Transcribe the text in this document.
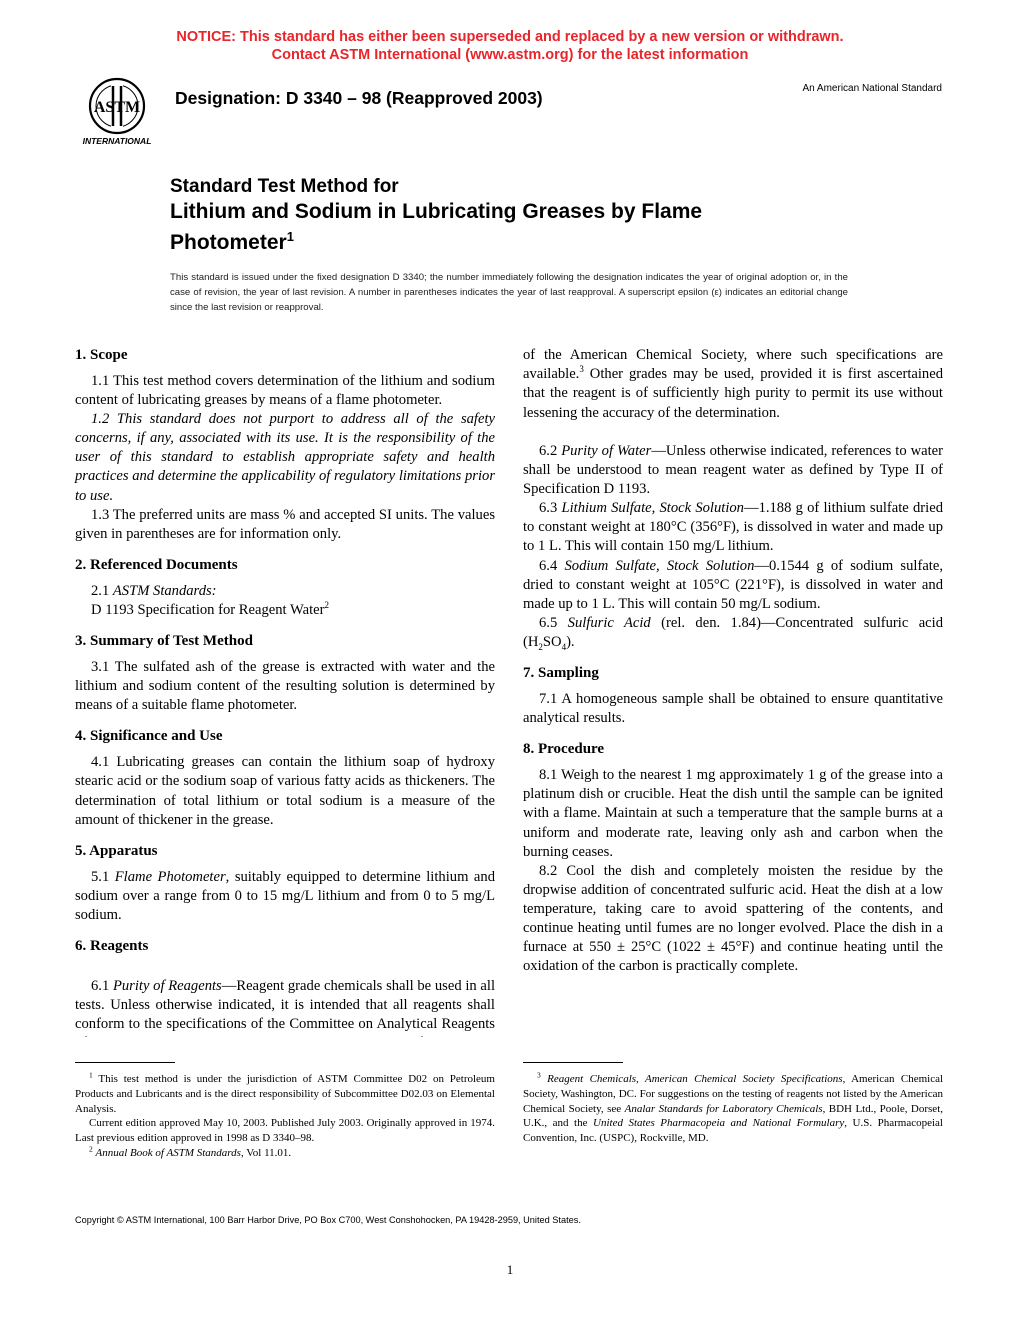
NOTICE: This standard has either been superseded and replaced by a new version or withdrawn.
Contact ASTM International (www.astm.org) for the latest information
ASTM
INTERNATIONAL
Designation: D 3340 – 98 (Reapproved 2003)	An American National Standard
Standard Test Method for
Lithium and Sodium in Lubricating Greases by Flame Photometer$^1$
This standard is issued under the fixed designation D 3340; the number immediately following the designation indicates the year of original adoption or, in the case of revision, the year of last revision. A number in parentheses indicates the year of last reapproval. A superscript epsilon (ε) indicates an editorial change since the last revision or reapproval.
1. Scope

1.1 This test method covers determination of the lithium and sodium content of lubricating greases by means of a flame photometer.

1.2 This standard does not purport to address all of the safety concerns, if any, associated with its use. It is the responsibility of the user of this standard to establish appropriate safety and health practices and determine the applicability of regulatory limitations prior to use.

1.3 The preferred units are mass % and accepted SI units. The values given in parentheses are for information only.

2. Referenced Documents

2.1 ASTM Standards:

D 1193 Specification for Reagent Water$^2$

3. Summary of Test Method

3.1 The sulfated ash of the grease is extracted with water and the lithium and sodium content of the resulting solution is determined by means of a suitable flame photometer.

4. Significance and Use

4.1 Lubricating greases can contain the lithium soap of hydroxy stearic acid or the sodium soap of various fatty acids as thickeners. The determination of total lithium or total sodium is a measure of the amount of thickener in the grease.

5. Apparatus

5.1 Flame Photometer, suitably equipped to determine lithium and sodium over a range from 0 to 15 mg/L lithium and from 0 to 5 mg/L sodium.

6. Reagents

6.1 Purity of Reagents—Reagent grade chemicals shall be used in all tests. Unless otherwise indicated, it is intended that all reagents shall conform to the specifications of the Committee on Analytical Reagents

of the American Chemical Society, where such specifications are available.$^3$ Other grades may be used, provided it is first ascertained that the reagent is of sufficiently high purity to permit its use without lessening the accuracy of the determination.

6.2 Purity of Water—Unless otherwise indicated, references to water shall be understood to mean reagent water as defined by Type II of Specification D 1193.

6.3 Lithium Sulfate, Stock Solution—1.188 g of lithium sulfate dried to constant weight at 180°C (356°F), is dissolved in water and made up to 1 L. This will contain 150 mg/L lithium.

6.4 Sodium Sulfate, Stock Solution—0.1544 g of sodium sulfate, dried to constant weight at 105°C (221°F), is dissolved in water and made up to 1 L. This will contain 50 mg/L sodium.

6.5 Sulfuric Acid (rel. den. 1.84)—Concentrated sulfuric acid $(H_2SO_4)$.

7. Sampling

7.1 A homogeneous sample shall be obtained to ensure quantitative analytical results.

8. Procedure

8.1 Weigh to the nearest 1 mg approximately 1 g of the grease into a platinum dish or crucible. Heat the dish until the sample can be ignited with a flame. Maintain at such a temperature that the sample burns at a uniform and moderate rate, leaving only ash and carbon when the burning ceases.

8.2 Cool the dish and completely moisten the residue by the dropwise addition of concentrated sulfuric acid. Heat the dish at a low temperature, taking care to avoid spattering of the contents, and continue heating until fumes are no longer evolved. Place the dish in a furnace at 550 ± 25°C (1022 ± 45°F) and continue heating until the oxidation of the carbon is practically complete.

$^1$ This test method is under the jurisdiction of ASTM Committee D02 on Petroleum Products and Lubricants and is the direct responsibility of Subcommittee D02.03 on Elemental Analysis.

Current edition approved May 10, 2003. Published July 2003. Originally approved in 1974. Last previous edition approved in 1998 as D 3340–98.

$^2$ Annual Book of ASTM Standards, Vol 11.01.

$^3$ Reagent Chemicals, American Chemical Society Specifications, American Chemical Society, Washington, DC. For suggestions on the testing of reagents not listed by the American Chemical Society, see Analar Standards for Laboratory Chemicals, BDH Ltd., Poole, Dorset, U.K., and the United States Pharmacopeia and National Formulary, U.S. Pharmacopeial Convention, Inc. (USPC), Rockville, MD.

Copyright © ASTM International, 100 Barr Harbor Drive, PO Box C700, West Conshohocken, PA 19428-2959, United States.
1
